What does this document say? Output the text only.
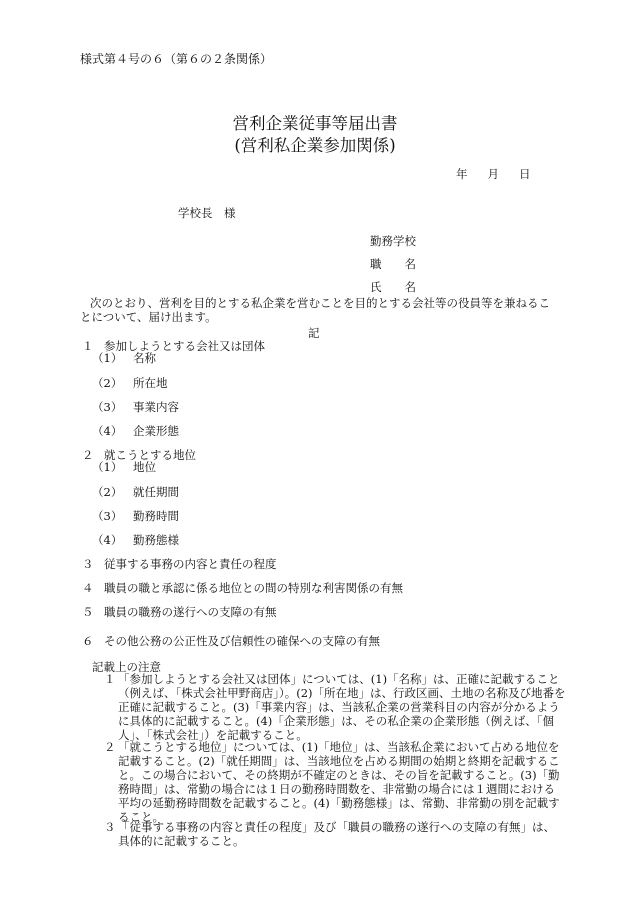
様式第４号の６（第６の２条関係）
営利企業従事等届出書
(営利私企業参加関係)
年 月 日
学校長　様
勤務学校
職　　名
氏　　名
次のとおり、営利を目的とする私企業を営むことを目的とする会社等の役員等を兼ねることについて、届け出ます。
記
１ 参加しようとする会社又は団体
（1） 名称
（2） 所在地
（3） 事業内容
（4） 企業形態
２ 就こうとする地位
（1） 地位
（2） 就任期間
（3） 勤務時間
（4） 勤務態様
３ 従事する事務の内容と責任の程度
４ 職員の職と承認に係る地位との間の特別な利害関係の有無
５ 職員の職務の遂行への支障の有無
６ その他公務の公正性及び信頼性の確保への支障の有無
記載上の注意
１ 「参加しようとする会社又は団体」については、(1)「名称」は、正確に記載すること（例えば、「株式会社甲野商店」）。(2)「所在地」は、行政区画、土地の名称及び地番を正確に記載すること。(3)「事業内容」は、当該私企業の営業科目の内容が分かるように具体的に記載すること。(4)「企業形態」は、その私企業の企業形態（例えば、「個人」、「株式会社」）を記載すること。

２ 「就こうとする地位」については、(1)「地位」は、当該私企業において占める地位を記載すること。(2)「就任期間」は、当該地位を占める期間の始期と終期を記載すること。この場合において、その終期が不確定のときは、その旨を記載すること。(3)「勤務時間」は、常勤の場合には１日の勤務時間数を、非常勤の場合には１週間における平均の延勤務時間数を記載すること。(4)「勤務態様」は、常勤、非常勤の別を記載すること。

３ 「従事する事務の内容と責任の程度」及び「職員の職務の遂行への支障の有無」は、具体的に記載すること。
